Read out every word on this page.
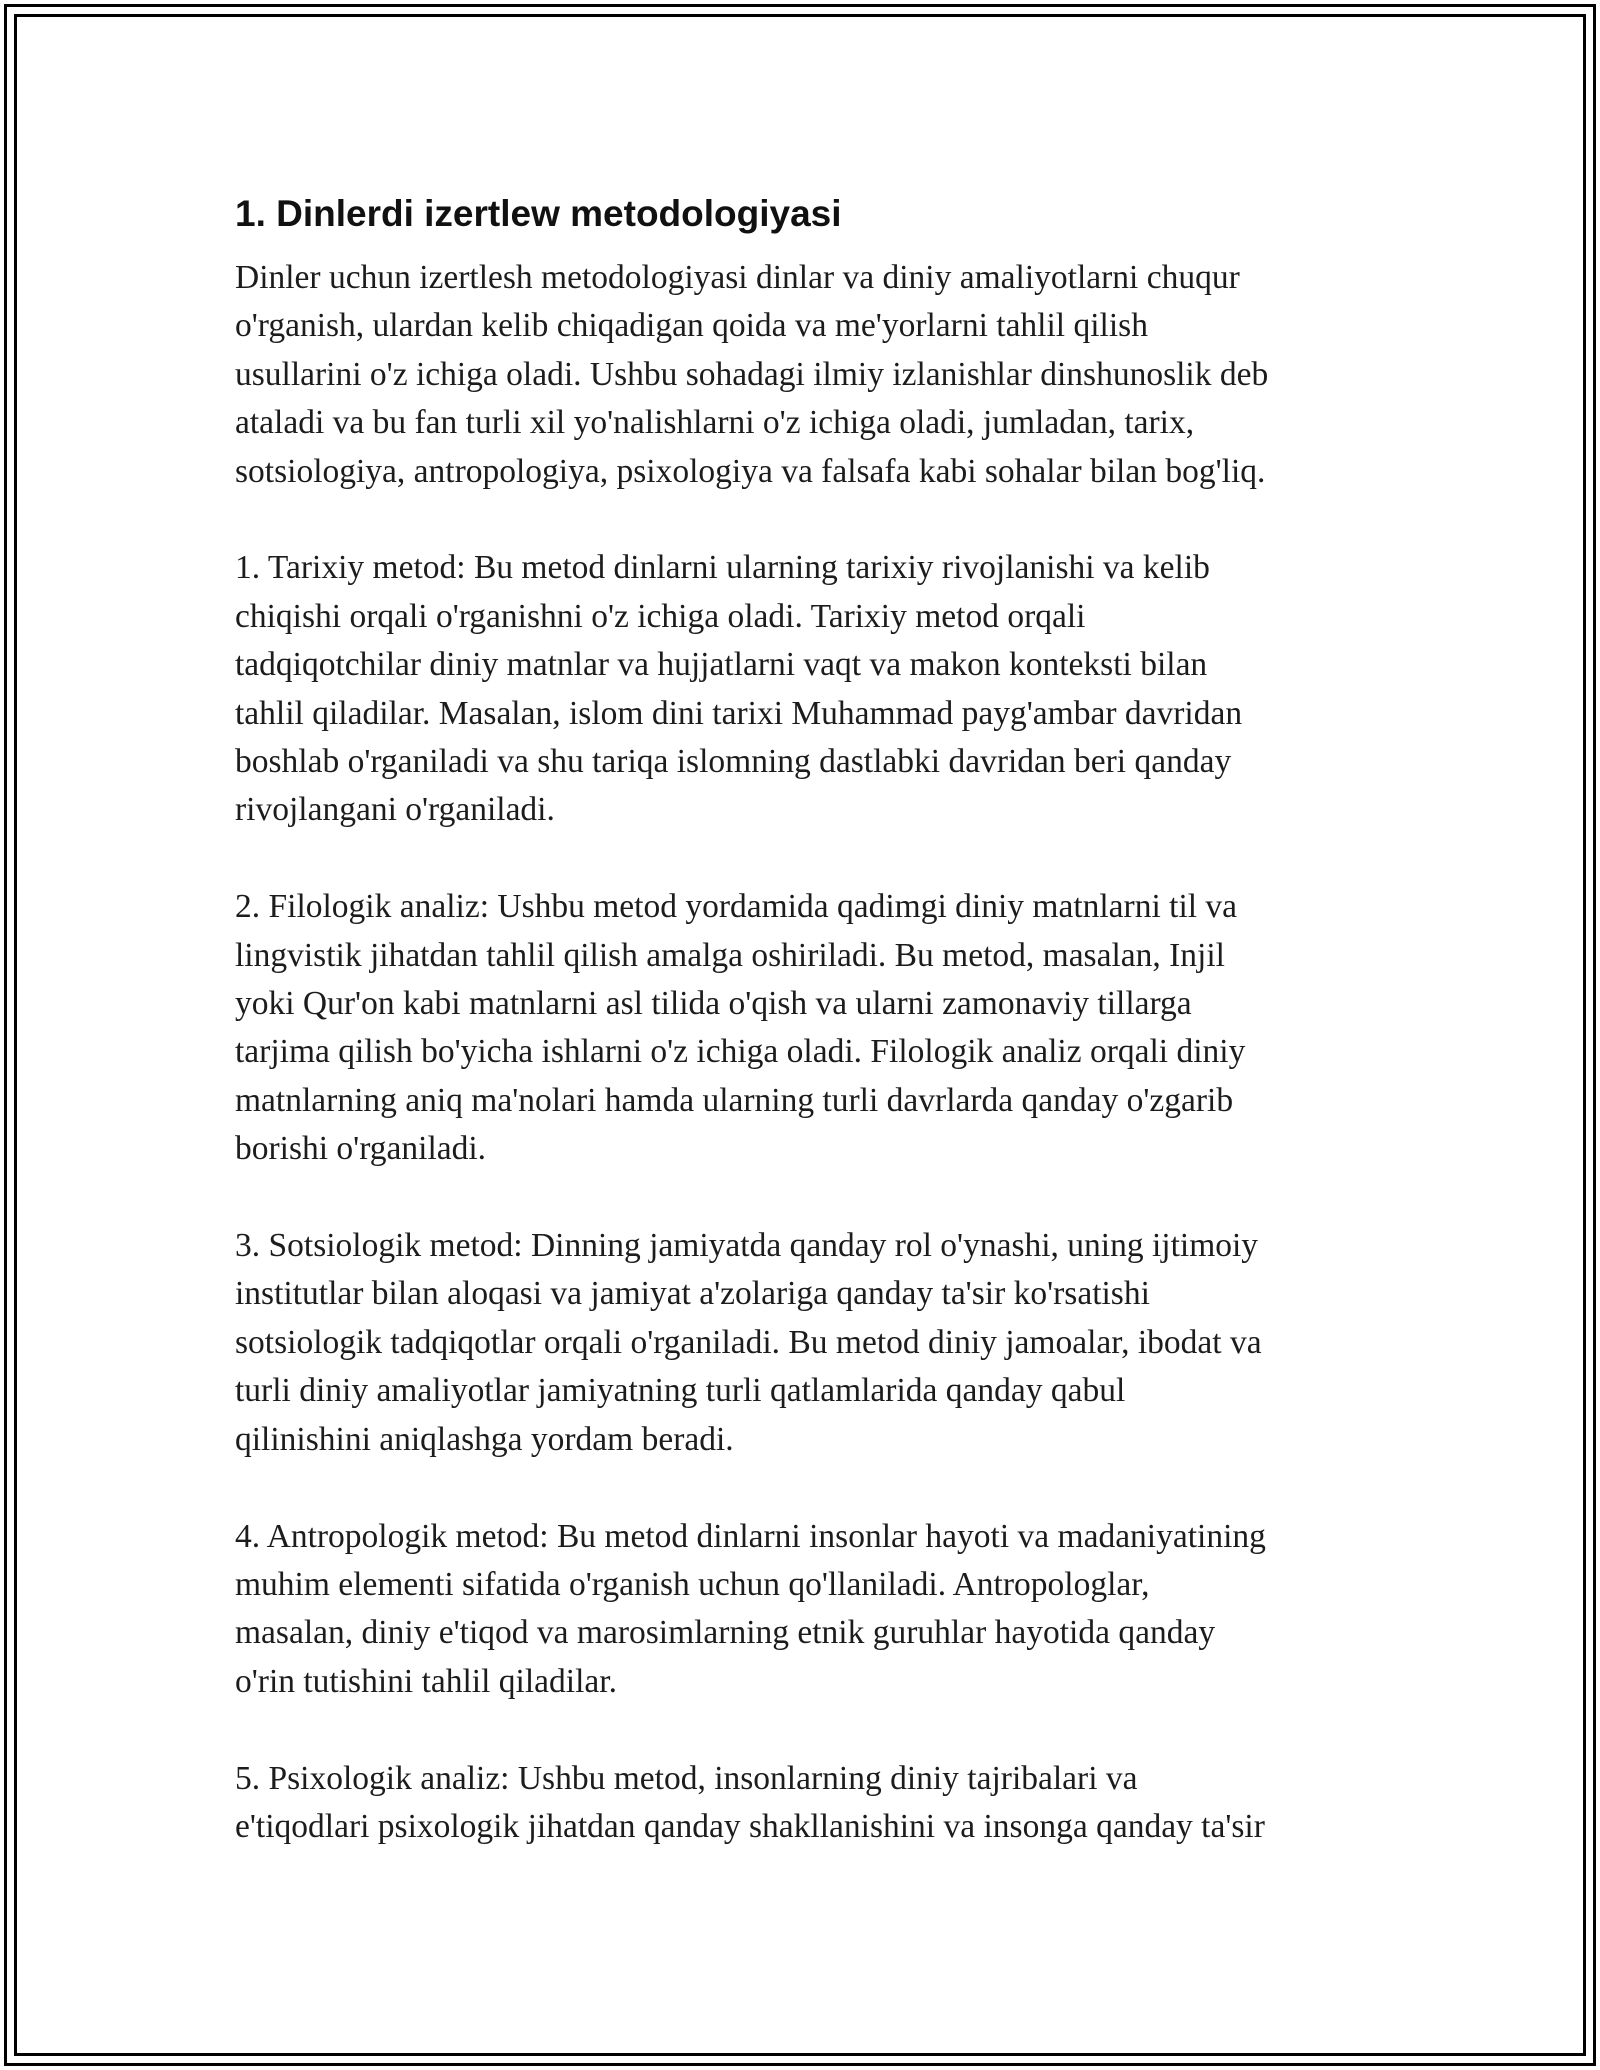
1. Dinlerdi izertlew metodologiyasi

Dinler uchun izertlesh metodologiyasi dinlar va diniy amaliyotlarni chuqur
o'rganish, ulardan kelib chiqadigan qoida va me'yorlarni tahlil qilish
usullarini o'z ichiga oladi. Ushbu sohadagi ilmiy izlanishlar dinshunoslik deb
ataladi va bu fan turli xil yo'nalishlarni o'z ichiga oladi, jumladan, tarix,
sotsiologiya, antropologiya, psixologiya va falsafa kabi sohalar bilan bog'liq.

1. Tarixiy metod: Bu metod dinlarni ularning tarixiy rivojlanishi va kelib
chiqishi orqali o'rganishni o'z ichiga oladi. Tarixiy metod orqali
tadqiqotchilar diniy matnlar va hujjatlarni vaqt va makon konteksti bilan
tahlil qiladilar. Masalan, islom dini tarixi Muhammad payg'ambar davridan
boshlab o'rganiladi va shu tariqa islomning dastlabki davridan beri qanday
rivojlangani o'rganiladi.

2. Filologik analiz: Ushbu metod yordamida qadimgi diniy matnlarni til va
lingvistik jihatdan tahlil qilish amalga oshiriladi. Bu metod, masalan, Injil
yoki Qur'on kabi matnlarni asl tilida o'qish va ularni zamonaviy tillarga
tarjima qilish bo'yicha ishlarni o'z ichiga oladi. Filologik analiz orqali diniy
matnlarning aniq ma'nolari hamda ularning turli davrlarda qanday o'zgarib
borishi o'rganiladi.

3. Sotsiologik metod: Dinning jamiyatda qanday rol o'ynashi, uning ijtimoiy
institutlar bilan aloqasi va jamiyat a'zolariga qanday ta'sir ko'rsatishi
sotsiologik tadqiqotlar orqali o'rganiladi. Bu metod diniy jamoalar, ibodat va
turli diniy amaliyotlar jamiyatning turli qatlamlarida qanday qabul
qilinishini aniqlashga yordam beradi.

4. Antropologik metod: Bu metod dinlarni insonlar hayoti va madaniyatining
muhim elementi sifatida o'rganish uchun qo'llaniladi. Antropologlar,
masalan, diniy e'tiqod va marosimlarning etnik guruhlar hayotida qanday
o'rin tutishini tahlil qiladilar.

5. Psixologik analiz: Ushbu metod, insonlarning diniy tajribalari va
e'tiqodlari psixologik jihatdan qanday shakllanishini va insonga qanday ta'sir
